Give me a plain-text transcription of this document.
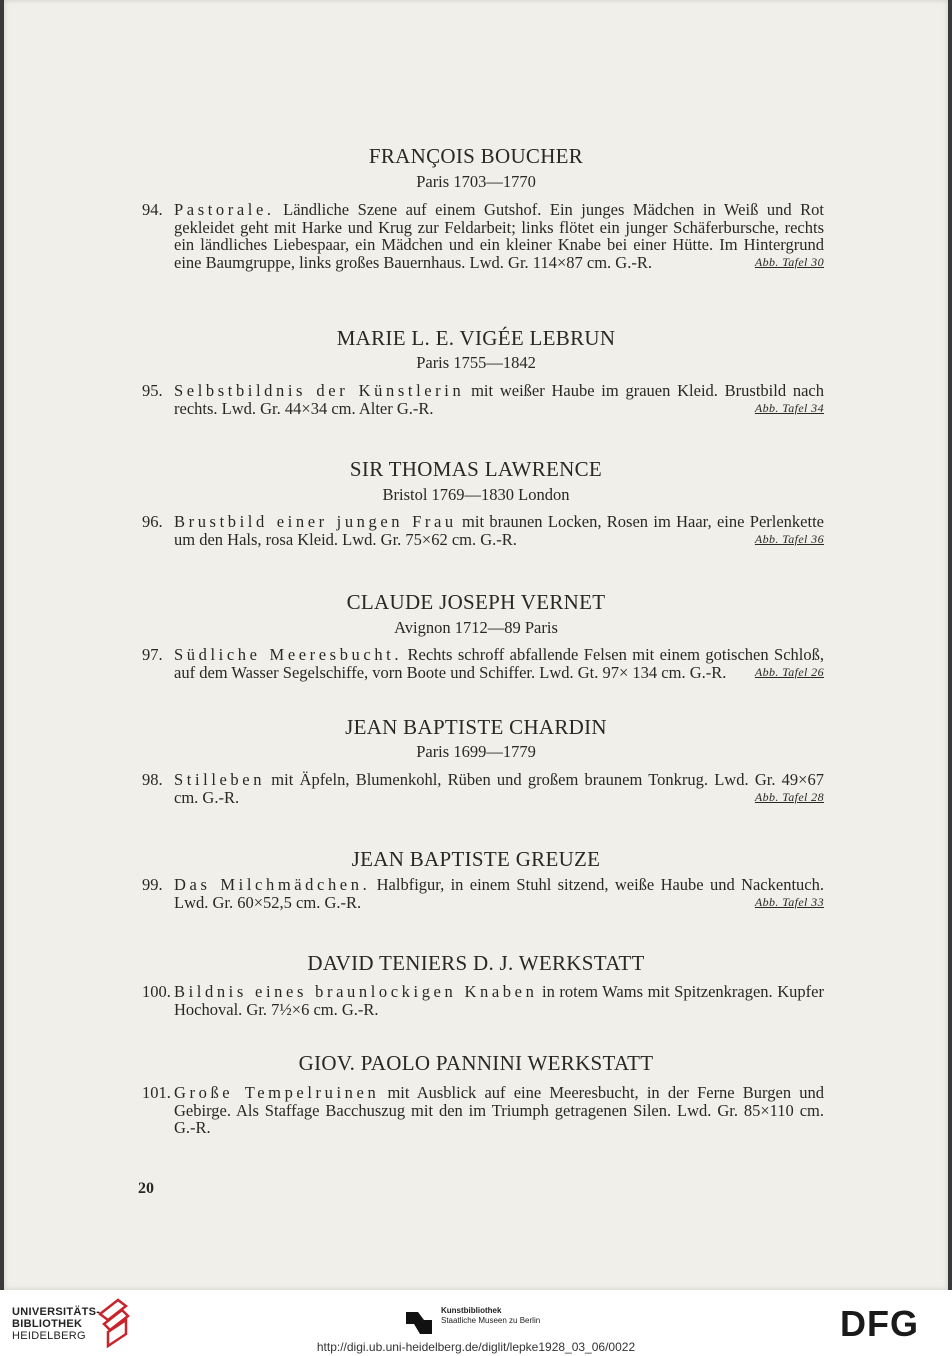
FRANÇOIS BOUCHER
Paris 1703—1770
94. Pastorale. Ländliche Szene auf einem Gutshof. Ein junges Mädchen in Weiß und Rot gekleidet geht mit Harke und Krug zur Feldarbeit; links flötet ein junger Schäferbursche, rechts ein ländliches Liebespaar, ein Mädchen und ein kleiner Knabe bei einer Hütte. Im Hintergrund eine Baumgruppe, links großes Bauernhaus. Lwd. Gr. 114×87 cm. G.-R.	Abb. Tafel 30
MARIE L. E. VIGÉE LEBRUN
Paris 1755—1842
95. Selbstbildnis der Künstlerin mit weißer Haube im grauen Kleid. Brustbild nach rechts. Lwd. Gr. 44×34 cm. Alter G.-R.	Abb. Tafel 34
SIR THOMAS LAWRENCE
Bristol 1769—1830 London
96. Brustbild einer jungen Frau mit braunen Locken, Rosen im Haar, eine Perlenkette um den Hals, rosa Kleid. Lwd. Gr. 75×62 cm. G.-R.	Abb. Tafel 36
CLAUDE JOSEPH VERNET
Avignon 1712—89 Paris
97. Südliche Meeresbucht. Rechts schroff abfallende Felsen mit einem gotischen Schloß, auf dem Wasser Segelschiffe, vorn Boote und Schiffer. Lwd. Gt. 97× 134 cm. G.-R. Abb. Tafel 26
JEAN BAPTISTE CHARDIN
Paris 1699—1779
98. Stilleben mit Äpfeln, Blumenkohl, Rüben und großem braunem Tonkrug. Lwd. Gr. 49×67 cm. G.-R.	Abb. Tafel 28
JEAN BAPTISTE GREUZE
99. Das Milchmädchen. Halbfigur, in einem Stuhl sitzend, weiße Haube und Nackentuch. Lwd. Gr. 60×52,5 cm. G.-R.	Abb. Tafel 33
DAVID TENIERS D. J. WERKSTATT
100. Bildnis eines braunlockigen Knaben in rotem Wams mit Spitzenkragen. Kupfer Hochoval. Gr. 7½×6 cm. G.-R.
GIOV. PAOLO PANNINI WERKSTATT
101. Große Tempelruinen mit Ausblick auf eine Meeresbucht, in der Ferne Burgen und Gebirge. Als Staffage Bacchuszug mit den im Triumph getragenen Silen. Lwd. Gr. 85×110 cm. G.-R.
20
UNIVERSITÄTS-
BIBLIOTHEK
HEIDELBERG
Kunstbibliothek
Staatliche Museen zu Berlin	DFG
http://digi.ub.uni-heidelberg.de/diglit/lepke1928_03_06/0022
